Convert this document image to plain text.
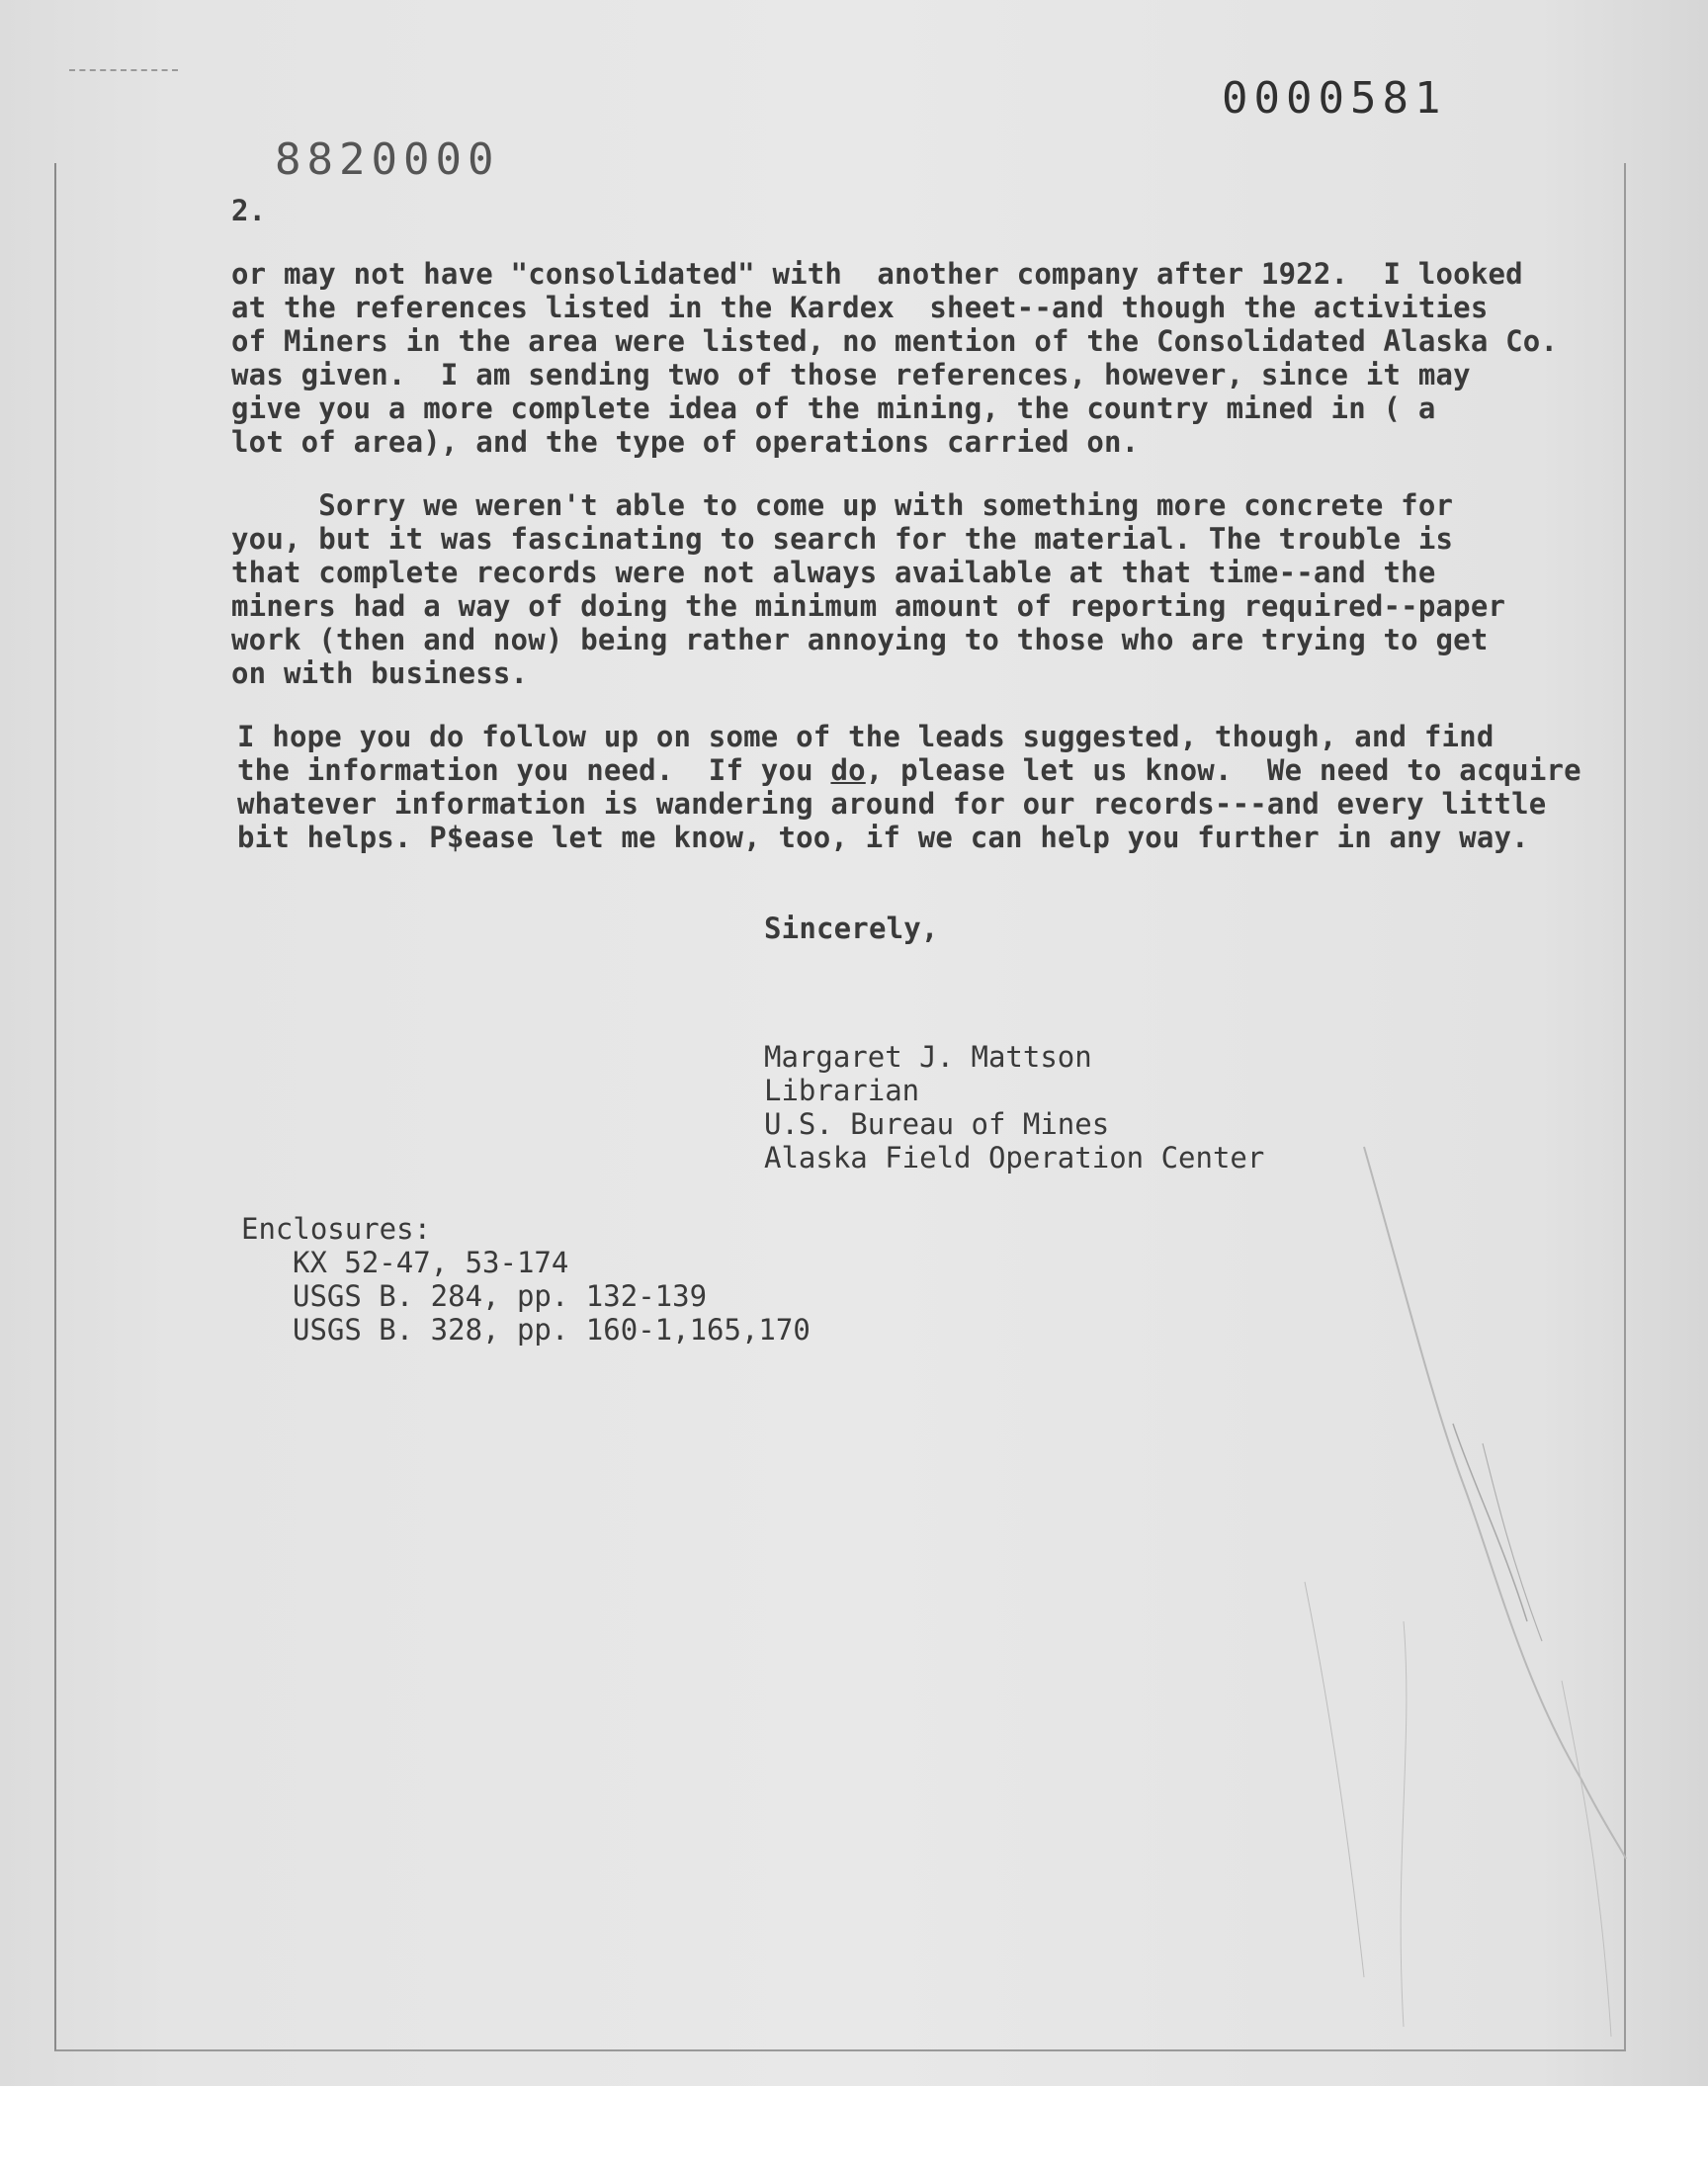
0000581
8820000
2.
or may not have "consolidated" with  another company after 1922.  I looked
at the references listed in the Kardex  sheet--and though the activities
of Miners in the area were listed, no mention of the Consolidated Alaska Co.
was given.  I am sending two of those references, however, since it may
give you a more complete idea of the mining, the country mined in ( a
lot of area), and the type of operations carried on.
Sorry we weren't able to come up with something more concrete for
you, but it was fascinating to search for the material. The trouble is
that complete records were not always available at that time--and the
miners had a way of doing the minimum amount of reporting required--paper
work (then and now) being rather annoying to those who are trying to get
on with business.
I hope you do follow up on some of the leads suggested, though, and find
the information you need.  If you do, please let us know.  We need to acquire
whatever information is wandering around for our records---and every little
bit helps. P$ease let me know, too, if we can help you further in any way.
Sincerely,
Margaret J. Mattson
Librarian
U.S. Bureau of Mines
Alaska Field Operation Center
Enclosures:
KX 52-47, 53-174
USGS B. 284, pp. 132-139
USGS B. 328, pp. 160-1,165,170
